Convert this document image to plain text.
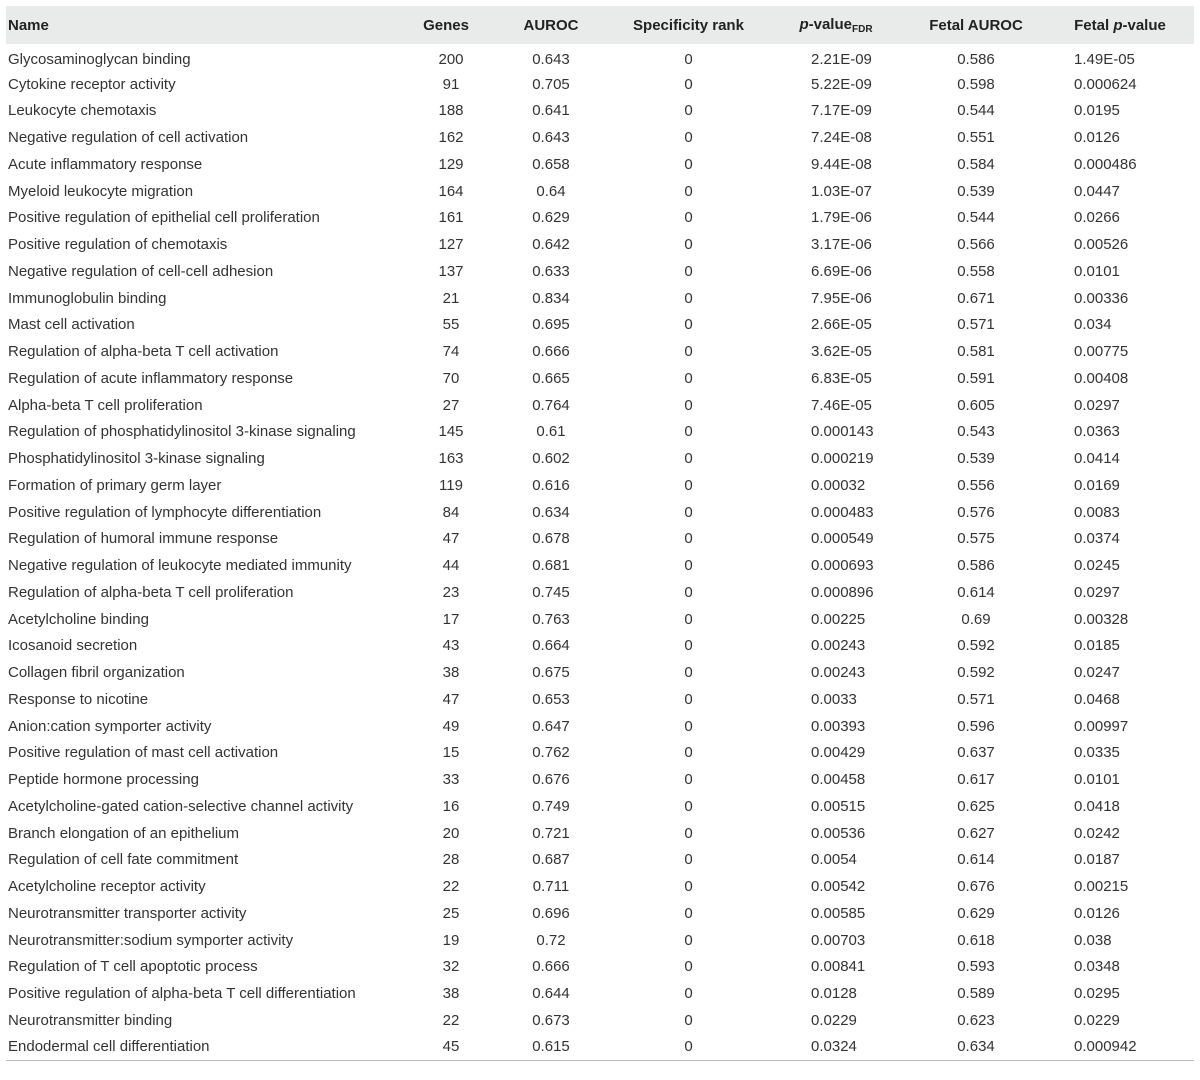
Name	Genes	AUROC	Specificity rank	p-value$_{FDR}$	Fetal AUROC	Fetal p-value
Glycosaminoglycan binding	200	0.643	0	2.21E-09	0.586	1.49E-05
Cytokine receptor activity	91	0.705	0	5.22E-09	0.598	0.000624
Leukocyte chemotaxis	188	0.641	0	7.17E-09	0.544	0.0195
Negative regulation of cell activation	162	0.643	0	7.24E-08	0.551	0.0126
Acute inflammatory response	129	0.658	0	9.44E-08	0.584	0.000486
Myeloid leukocyte migration	164	0.64	0	1.03E-07	0.539	0.0447
Positive regulation of epithelial cell proliferation	161	0.629	0	1.79E-06	0.544	0.0266
Positive regulation of chemotaxis	127	0.642	0	3.17E-06	0.566	0.00526
Negative regulation of cell-cell adhesion	137	0.633	0	6.69E-06	0.558	0.0101
Immunoglobulin binding	21	0.834	0	7.95E-06	0.671	0.00336
Mast cell activation	55	0.695	0	2.66E-05	0.571	0.034
Regulation of alpha-beta T cell activation	74	0.666	0	3.62E-05	0.581	0.00775
Regulation of acute inflammatory response	70	0.665	0	6.83E-05	0.591	0.00408
Alpha-beta T cell proliferation	27	0.764	0	7.46E-05	0.605	0.0297
Regulation of phosphatidylinositol 3-kinase signaling	145	0.61	0	0.000143	0.543	0.0363
Phosphatidylinositol 3-kinase signaling	163	0.602	0	0.000219	0.539	0.0414
Formation of primary germ layer	119	0.616	0	0.00032	0.556	0.0169
Positive regulation of lymphocyte differentiation	84	0.634	0	0.000483	0.576	0.0083
Regulation of humoral immune response	47	0.678	0	0.000549	0.575	0.0374
Negative regulation of leukocyte mediated immunity	44	0.681	0	0.000693	0.586	0.0245
Regulation of alpha-beta T cell proliferation	23	0.745	0	0.000896	0.614	0.0297
Acetylcholine binding	17	0.763	0	0.00225	0.69	0.00328
Icosanoid secretion	43	0.664	0	0.00243	0.592	0.0185
Collagen fibril organization	38	0.675	0	0.00243	0.592	0.0247
Response to nicotine	47	0.653	0	0.0033	0.571	0.0468
Anion:cation symporter activity	49	0.647	0	0.00393	0.596	0.00997
Positive regulation of mast cell activation	15	0.762	0	0.00429	0.637	0.0335
Peptide hormone processing	33	0.676	0	0.00458	0.617	0.0101
Acetylcholine-gated cation-selective channel activity	16	0.749	0	0.00515	0.625	0.0418
Branch elongation of an epithelium	20	0.721	0	0.00536	0.627	0.0242
Regulation of cell fate commitment	28	0.687	0	0.0054	0.614	0.0187
Acetylcholine receptor activity	22	0.711	0	0.00542	0.676	0.00215
Neurotransmitter transporter activity	25	0.696	0	0.00585	0.629	0.0126
Neurotransmitter:sodium symporter activity	19	0.72	0	0.00703	0.618	0.038
Regulation of T cell apoptotic process	32	0.666	0	0.00841	0.593	0.0348
Positive regulation of alpha-beta T cell differentiation	38	0.644	0	0.0128	0.589	0.0295
Neurotransmitter binding	22	0.673	0	0.0229	0.623	0.0229
Endodermal cell differentiation	45	0.615	0	0.0324	0.634	0.000942
